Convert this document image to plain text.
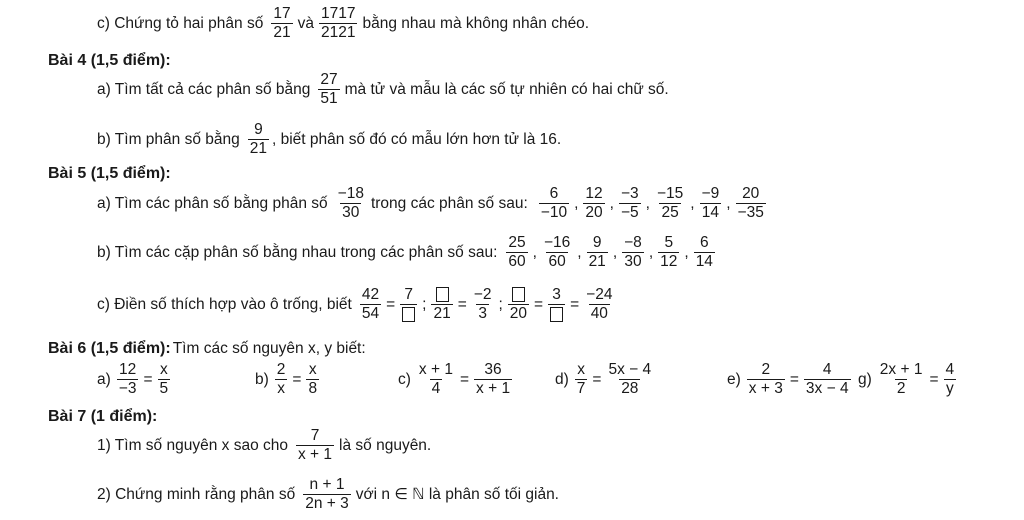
c) Chứng tỏ hai phân số $\frac{17}{21}$ và $\frac{1717}{2121}$ bằng nhau mà không nhân chéo.
Bài 4 (1,5 điểm):
a) Tìm tất cả các phân số bằng $\frac{27}{51}$ mà tử và mẫu là các số tự nhiên có hai chữ số.
b) Tìm phân số bằng $\frac{9}{21}$ , biết phân số đó có mẫu lớn hơn tử là 16.
Bài 5 (1,5 điểm):
a) Tìm các phân số bằng phân số $\frac{-18}{30}$ trong các phân số sau: $\frac{6}{-10}$ , $\frac{12}{20}$ , $\frac{-3}{-5}$ , $\frac{-15}{25}$ , $\frac{-9}{14}$ , $\frac{20}{-35}$
b) Tìm các cặp phân số bằng nhau trong các phân số sau: $\frac{25}{60}$ , $\frac{-16}{60}$ , $\frac{9}{21}$ , $\frac{-8}{30}$ , $\frac{5}{12}$ , $\frac{6}{14}$
c) Điền số thích hợp vào ô trống, biết $\frac{42}{54}$ =
7
;
21
= $\frac{-2}{3}$ ;
20
=
3
= $\frac{-24}{40}$
Bài 6 (1,5 điểm): Tìm các số nguyên x, y biết:
$a) \frac{12}{-3} = \frac{x}{5}$	$b) \frac{2}{x} = \frac{x}{8}$	$c) \frac{x + 1}{4} = \frac{36}{x + 1}$	$d) \frac{x}{7} = \frac{5x - 4}{28}$	$e) \frac{2}{x + 3} = \frac{4}{3x - 4} g) \frac{2x + 1}{2} = \frac{4}{y}$
Bài 7 (1 điểm):
1) Tìm số nguyên x sao cho $\frac{7}{x + 1}$ là số nguyên.
2) Chứng minh rằng phân số $\frac{n + 1}{2n + 3}$ với n ∈ ℕ là phân số tối giản.
